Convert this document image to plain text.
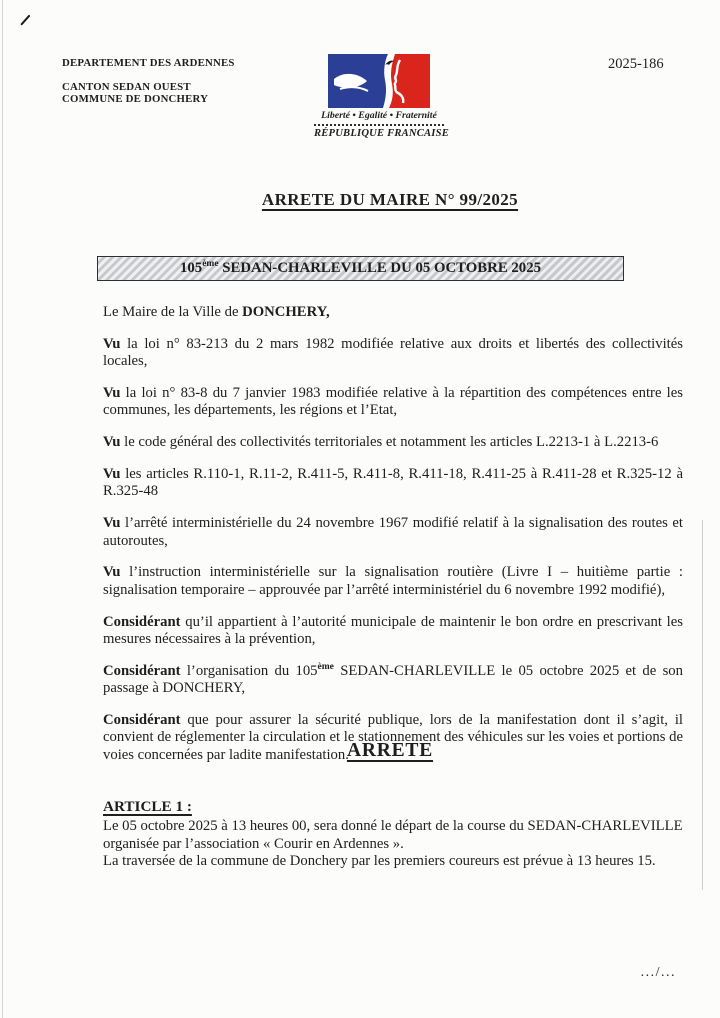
DEPARTEMENT DES ARDENNES
CANTON SEDAN OUEST
COMMUNE DE DONCHERY
Liberté • Egalité • Fraternité
RÉPUBLIQUE FRANCAISE
2025-186
ARRETE DU MAIRE N° 99/2025
105ème SEDAN-CHARLEVILLE DU 05 OCTOBRE 2025

Le Maire de la Ville de DONCHERY,

Vu la loi n° 83-213 du 2 mars 1982 modifiée relative aux droits et libertés des collectivités locales,

Vu la loi n° 83-8 du 7 janvier 1983 modifiée relative à la répartition des compétences entre les communes, les départements, les régions et l’Etat,

Vu le code général des collectivités territoriales et notamment les articles L.2213-1 à L.2213-6

Vu les articles R.110-1, R.11-2, R.411-5, R.411-8, R.411-18, R.411-25 à R.411-28 et R.325-12 à R.325-48

Vu l’arrêté interministérielle du 24 novembre 1967 modifié relatif à la signalisation des routes et autoroutes,

Vu l’instruction interministérielle sur la signalisation routière (Livre I – huitième partie : signalisation temporaire – approuvée par l’arrêté interministériel du 6 novembre 1992 modifié),

Considérant qu’il appartient à l’autorité municipale de maintenir le bon ordre en prescrivant les mesures nécessaires à la prévention,

Considérant l’organisation du 105ème SEDAN-CHARLEVILLE le 05 octobre 2025 et de son passage à DONCHERY,

Considérant que pour assurer la sécurité publique, lors de la manifestation dont il s’agit, il convient de réglementer la circulation et le stationnement des véhicules sur les voies et portions de voies concernées par ladite manifestation.

ARRETE
ARTICLE 1 :

Le 05 octobre 2025 à 13 heures 00, sera donné le départ de la course du SEDAN-CHARLEVILLE organisée par l’association « Courir en Ardennes ».

La traversée de la commune de Donchery par les premiers coureurs est prévue à 13 heures 15.

.../...
